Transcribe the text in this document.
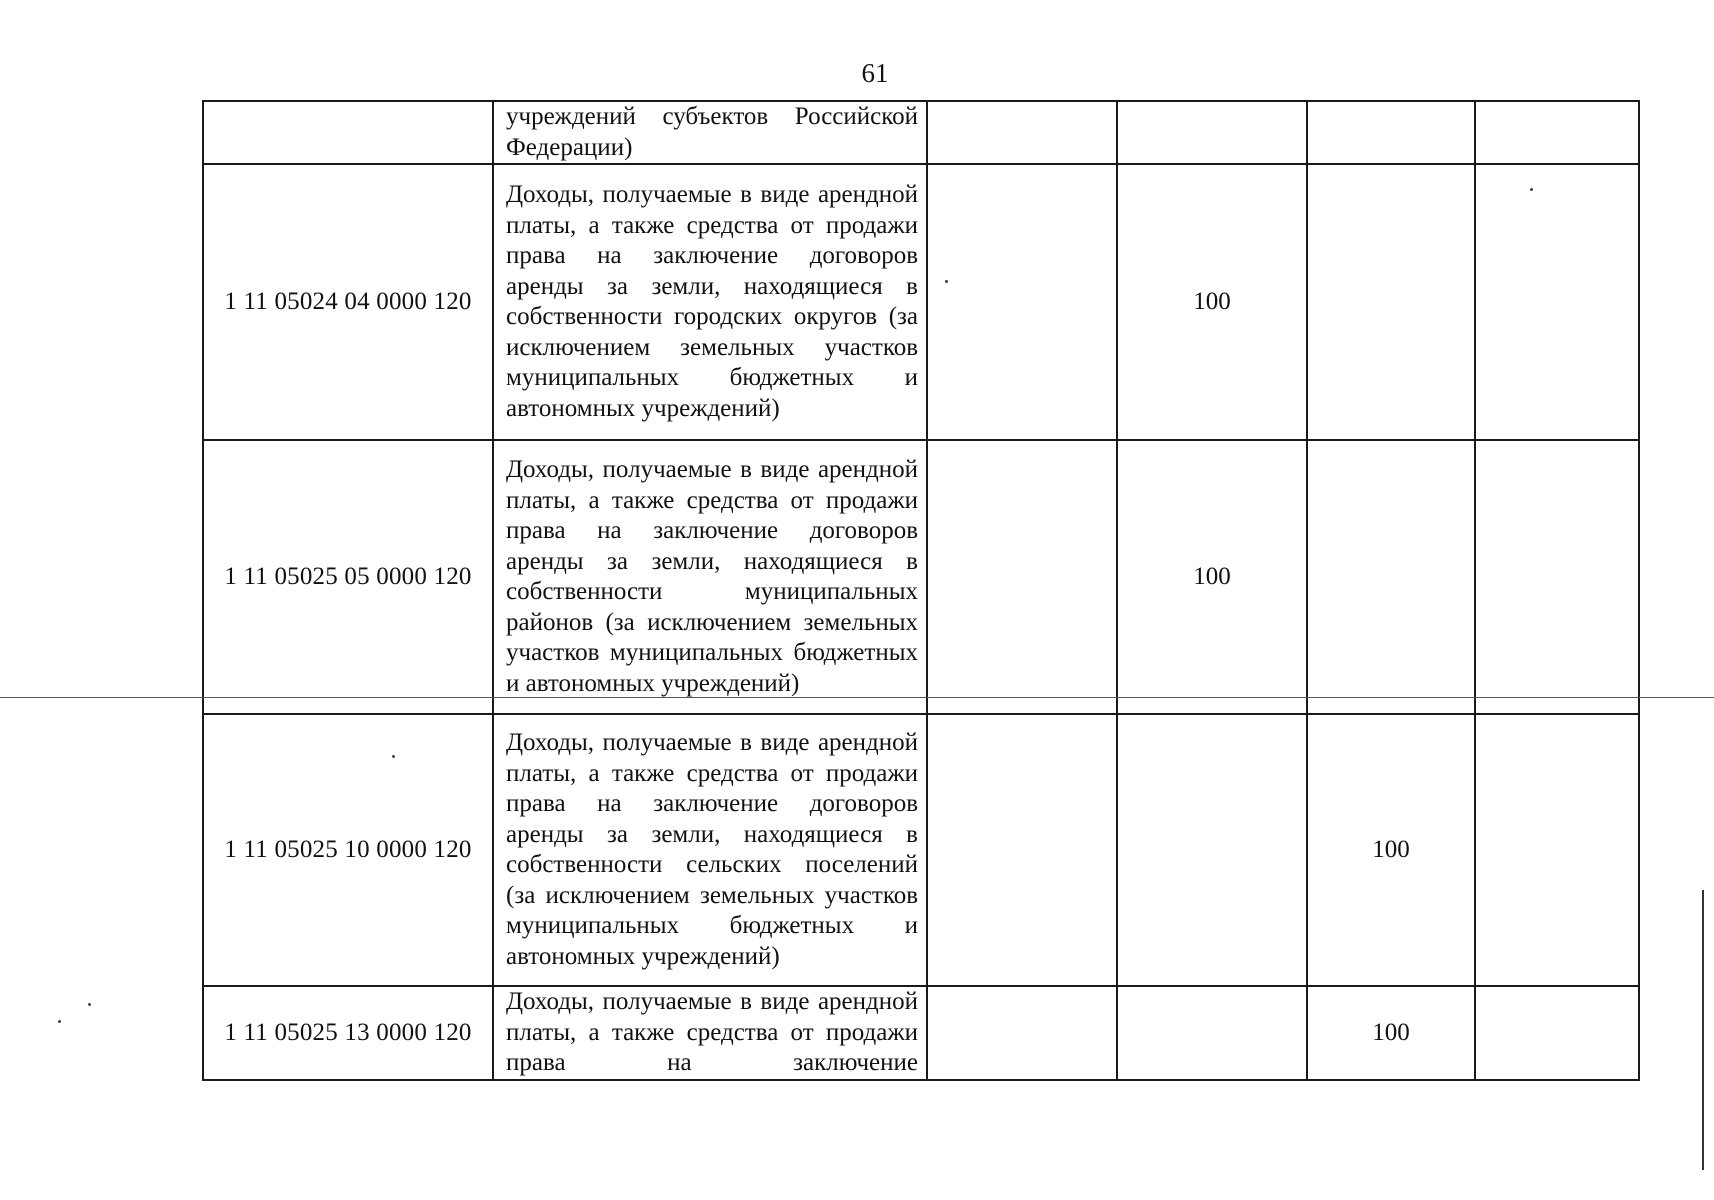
61
	учреждений субъектов Российской Федерации)				
1 11 05024 04 0000 120	Доходы, получаемые в виде арендной платы, а также средства от продажи права на заключение договоров аренды за земли, находящиеся в собственности городских округов (за исключением земельных участков муниципальных бюджетных и автономных учреждений)		100		
1 11 05025 05 0000 120	Доходы, получаемые в виде арендной платы, а также средства от продажи права на заключение договоров аренды за земли, находящиеся в собственности муниципальных районов (за исключением земельных участков муниципальных бюджетных и автономных учреждений)		100		
1 11 05025 10 0000 120	Доходы, получаемые в виде арендной платы, а также средства от продажи права на заключение договоров аренды за земли, находящиеся в собственности сельских поселений (за исключением земельных участков муниципальных бюджетных и автономных учреждений)			100	
1 11 05025 13 0000 120	Доходы, получаемые в виде арендной платы, а также средства от продажи права на заключение			100	
